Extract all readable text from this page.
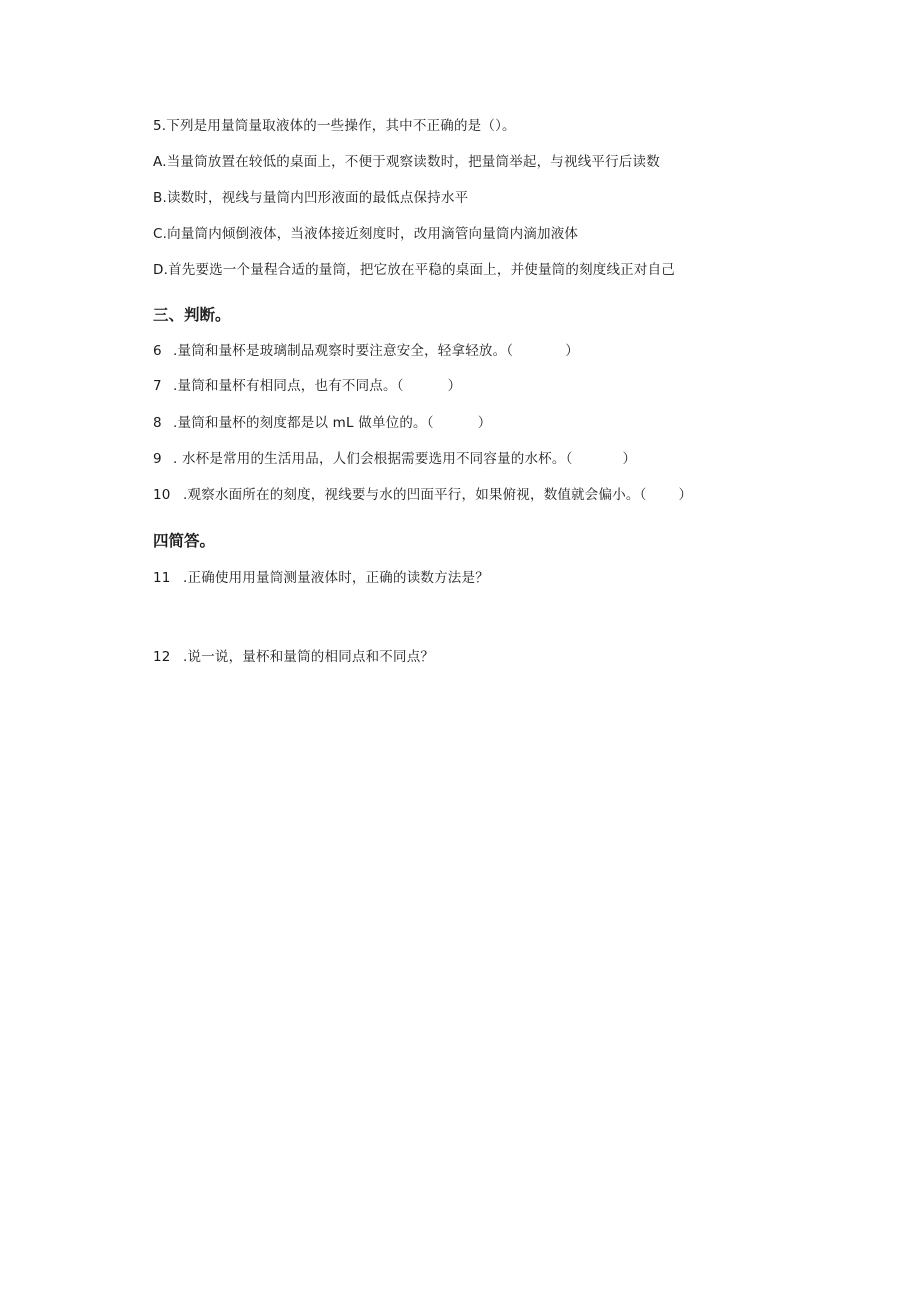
5.下列是用量筒量取液体的一些操作，其中不正确的是（）。
A.当量筒放置在较低的桌面上，不便于观察读数时，把量筒举起，与视线平行后读数
B.读数时，视线与量筒内凹形液面的最低点保持水平
C.向量筒内倾倒液体，当液体接近刻度时，改用滴管向量筒内滴加液体
D.首先要选一个量程合适的量筒，把它放在平稳的桌面上，并使量筒的刻度线正对自己
三、判断。
6 .量筒和量杯是玻璃制品观察时要注意安全，轻拿轻放。（	）
7 .量筒和量杯有相同点，也有不同点。（	）
8 .量筒和量杯的刻度都是以 mL 做单位的。（	）
9 . 水杯是常用的生活用品，人们会根据需要选用不同容量的水杯。（	）
10 .观察水面所在的刻度，视线要与水的凹面平行，如果俯视，数值就会偏小。（ ）
四简答。
11 .正确使用用量筒测量液体时，正确的读数方法是？
12 .说一说，量杯和量筒的相同点和不同点？
